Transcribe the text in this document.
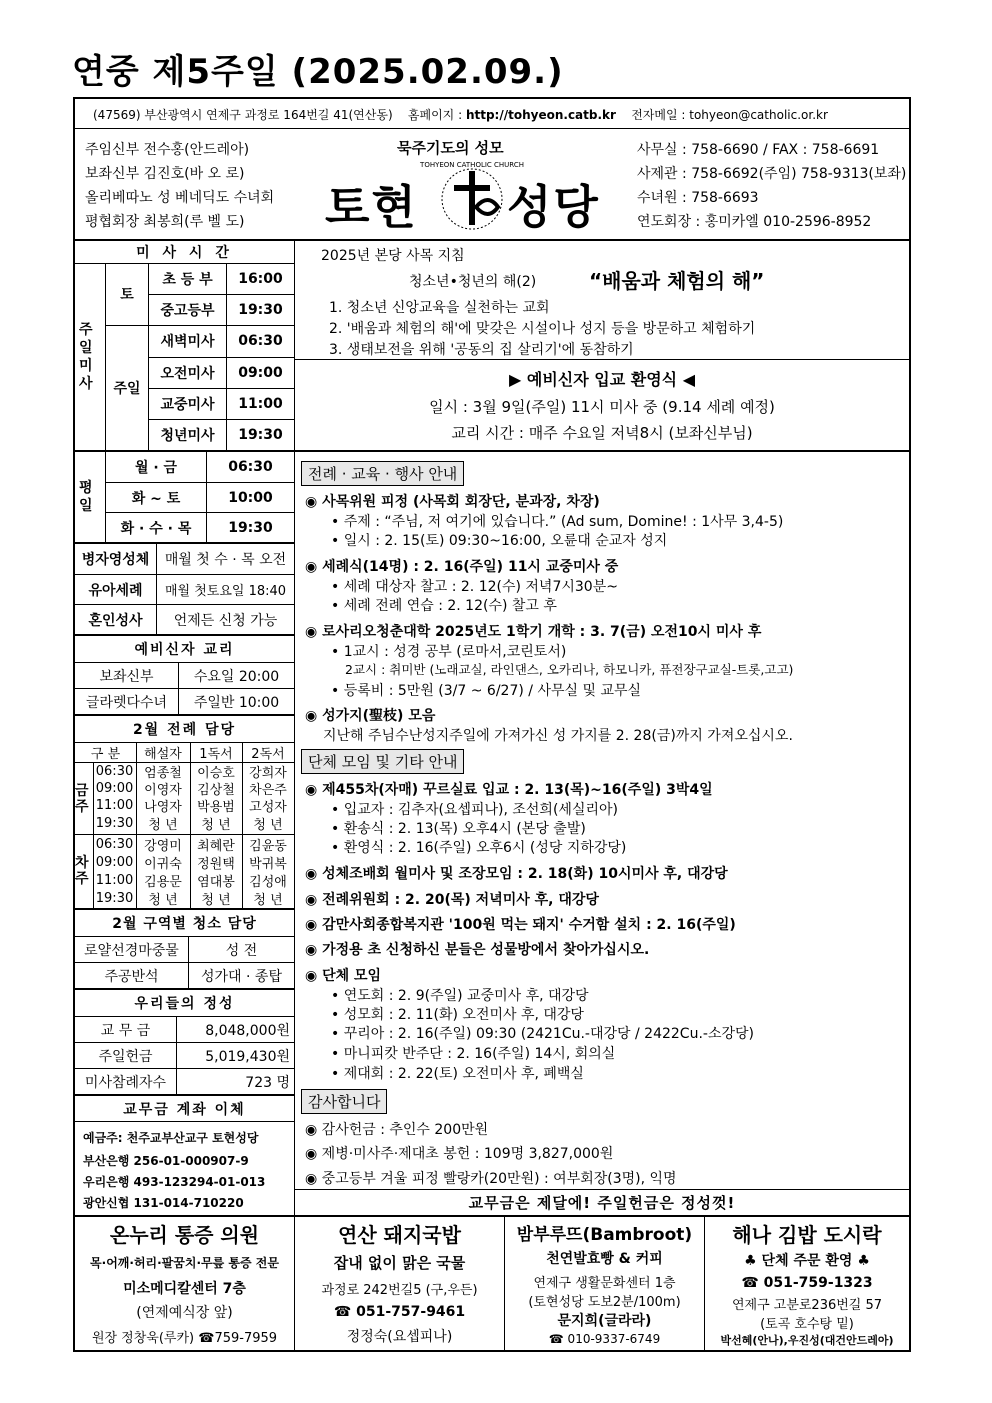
연중 제5주일 (2025.02.09.)
(47569) 부산광역시 연제구 과정로 164번길 41(연산동) 홈페이지 : http://tohyeon.catb.kr 전자메일 : tohyeon@catholic.or.kr
주임신부 전수홍(안드레아)
보좌신부 김진호(바 오 로)
올리베따노 성 베네딕도 수녀회
평협회장 최봉희(루 벨 도)
묵주기도의 성모
토현
TOHYEON CATHOLIC CHURCH
성당
사무실 : 758-6690 / FAX : 758-6691
사제관 : 758-6692(주임) 758-9313(보좌)
수녀원 : 758-6693
연도회장 : 홍미카엘 010-2596-8952
미 사 시 간
주일미사
토
주일
초 등 부	16:00
중고등부	19:30
새벽미사	06:30
오전미사	09:00
교중미사	11:00
청년미사	19:30
평일
월 · 금	06:30
화 ~ 토	10:00
화 · 수 · 목	19:30
병자영성체	매월 첫 수 · 목 오전
유아세례	매월 첫토요일 18:40
혼인성사	언제든 신청 가능
예비신자 교리
보좌신부	수요일 20:00
글라렛다수녀	주일반 10:00
2월 전례 담당
구 분	해설자	1독서	2독서
금주
06:30 엄종철	이승호	강희자
09:00 이영자	김상철	차은주
11:00 나영자	박용범	고성자
19:30	청 년	청 년	청 년
차주
06:30 강영미	최혜란	김윤동
09:00 이귀숙	정원택	박귀복
11:00 김용문	염대봉	김성애
19:30	청 년	청 년	청 년
2월 구역별 청소 담당
로얄선경마중물	성 전
주공반석	성가대 · 종탑
우리들의 정성
교 무 금	8,048,000원
주일헌금	5,019,430원
미사참례자수	723 명
교무금 계좌 이체
예금주: 천주교부산교구 토현성당
부산은행 256-01-000907-9
우리은행 493-123294-01-013
광안신협 131-014-710220
2025년 본당 사목 지침
청소년•청년의 해(2)	“배움과 체험의 해”
1. 청소년 신앙교육을 실천하는 교회
2. '배움과 체험의 해'에 맞갖은 시설이나 성지 등을 방문하고 체험하기
3. 생태보전을 위해 '공동의 집 살리기'에 동참하기
▶ 예비신자 입교 환영식 ◀
일시 : 3월 9일(주일) 11시 미사 중 (9.14 세례 예정)
교리 시간 : 매주 수요일 저녁8시 (보좌신부님)
전례 · 교육 · 행사 안내
◉ 사목위원 피정 (사목회 회장단, 분과장, 차장)
• 주제 : “주님, 저 여기에 있습니다.” (Ad sum, Domine! : 1사무 3,4-5)
• 일시 : 2. 15(토) 09:30~16:00, 오륜대 순교자 성지
◉ 세례식(14명) : 2. 16(주일) 11시 교중미사 중
• 세례 대상자 찰고 : 2. 12(수) 저녁7시30분~
• 세례 전례 연습 : 2. 12(수) 찰고 후
◉ 로사리오청춘대학 2025년도 1학기 개학 : 3. 7(금) 오전10시 미사 후
• 1교시 : 성경 공부 (로마서,코린토서)
2교시 : 취미반 (노래교실, 라인댄스, 오카리나, 하모니카, 퓨전장구교실-트롯,고고)
• 등록비 : 5만원 (3/7 ~ 6/27) / 사무실 및 교무실
◉ 성가지(聖枝) 모음
지난해 주님수난성지주일에 가져가신 성 가지를 2. 28(금)까지 가져오십시오.
단체 모임 및 기타 안내
◉ 제455차(자매) 꾸르실료 입교 : 2. 13(목)~16(주일) 3박4일
• 입교자 : 김추자(요셉피나), 조선희(세실리아)
• 환송식 : 2. 13(목) 오후4시 (본당 출발)
• 환영식 : 2. 16(주일) 오후6시 (성당 지하강당)
◉ 성체조배회 월미사 및 조장모임 : 2. 18(화) 10시미사 후, 대강당
◉ 전례위원회 : 2. 20(목) 저녁미사 후, 대강당
◉ 감만사회종합복지관 '100원 먹는 돼지' 수거함 설치 : 2. 16(주일)
◉ 가정용 초 신청하신 분들은 성물방에서 찾아가십시오.
◉ 단체 모임
• 연도회 : 2. 9(주일) 교중미사 후, 대강당
• 성모회 : 2. 11(화) 오전미사 후, 대강당
• 꾸리아 : 2. 16(주일) 09:30 (2421Cu.-대강당 / 2422Cu.-소강당)
• 마니피캇 반주단 : 2. 16(주일) 14시, 회의실
• 제대회 : 2. 22(토) 오전미사 후, 폐백실
감사합니다
◉ 감사헌금 : 추인수 200만원
◉ 제병·미사주·제대초 봉헌 : 109명 3,827,000원
◉ 중고등부 겨울 피정 빨랑카(20만원) : 여부회장(3명), 익명
교무금은 제달에! 주일헌금은 정성껏!
온누리 통증 의원
목·어깨·허리·팔꿈치·무릎 통증 전문
미소메디칼센터 7층
(연제예식장 앞)
원장 정창욱(루카) ☎759-7959
연산 돼지국밥
잡내 없이 맑은 국물
과정로 242번길5 (구,우든)
☎ 051-757-9461
정정숙(요셉피나)
밤부루뜨(Bambroot)
천연발효빵 & 커피
연제구 생활문화센터 1층
(토현성당 도보2분/100m)
문지희(글라라)
☎ 010-9337-6749
해나 김밥 도시락
♣ 단체 주문 환영 ♣
☎ 051-759-1323
연제구 고분로236번길 57
(토곡 호수탕 밑)
박선혜(안나),우진성(대건안드레아)
